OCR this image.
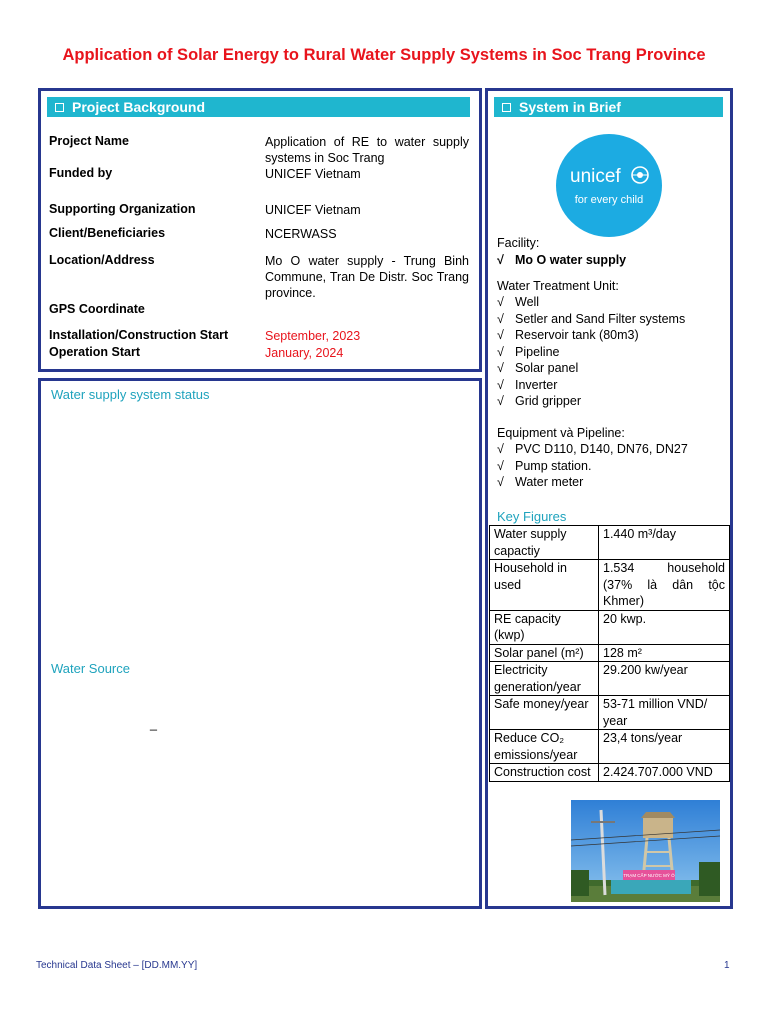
Application of Solar Energy to Rural Water Supply Systems in Soc Trang Province
Project Background
Project Name	Application of RE to water supply systems in Soc Trang
Funded by	UNICEF Vietnam
Supporting Organization	UNICEF Vietnam
Client/Beneficiaries	NCERWASS
Location/Address	Mo O water supply - Trung Binh Commune, Tran De Distr. Soc Trang province.
GPS Coordinate
Installation/Construction Start	September, 2023
Operation Start	January, 2024
Water supply system status
Water Source
_
System in Brief
unicef
for every child
Facility:
√ Mo O water supply
Water Treatment Unit:
√ Well
√ Setler and Sand Filter systems
√ Reservoir tank (80m3)
√ Pipeline
√ Solar panel
√ Inverter
√ Grid gripper
Equipment và Pipeline:
√ PVC D110, D140, DN76, DN27
√ Pump station.
√ Water meter
Key Figures
Water supply capactiy	1.440 m³/day
Household in used	1.534 household (37% là dân tộc Khmer)
RE capacity (kwp)	20 kwp.
Solar panel (m²)	128 m²
Electricity generation/year	29.200 kw/year
Safe money/year	53-71 million VND/ year
Reduce CO₂ emissions/year	23,4 tons/year
Construction cost	2.424.707.000 VND
TRẠM CẤP NƯỚC MỸ Ô
Technical Data Sheet – [DD.MM.YY]	1
